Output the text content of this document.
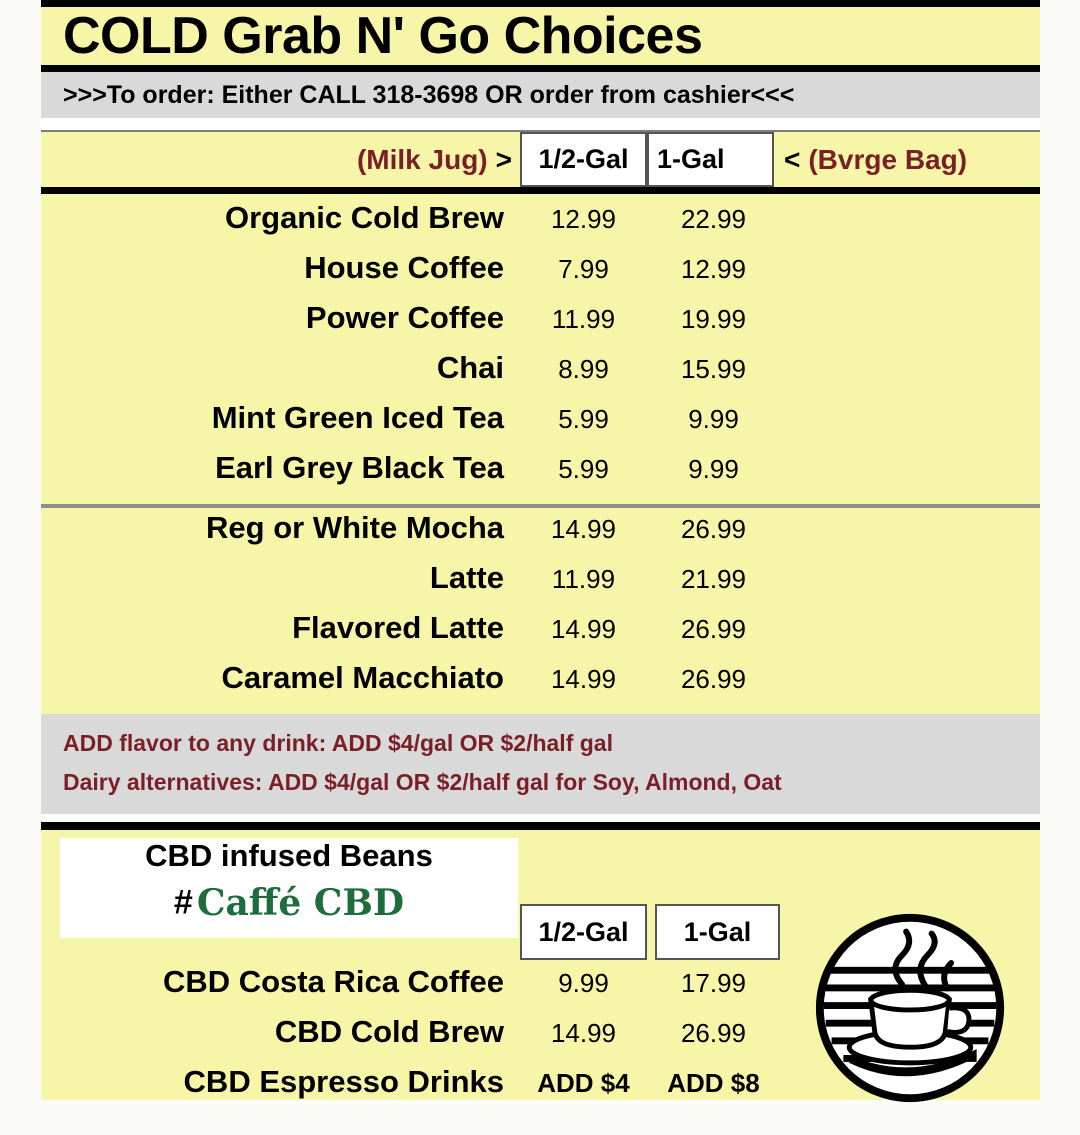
COLD Grab N' Go Choices
>>>To order: Either CALL 318-3698 OR order from cashier<<<
(Milk Jug) > 1/2-Gal	1-Gal	< (Bvrge Bag)
Organic Cold Brew	12.99	22.99
House Coffee	7.99	12.99
Power Coffee	11.99	19.99
Chai	8.99	15.99
Mint Green Iced Tea	5.99	9.99
Earl Grey Black Tea	5.99	9.99
Reg or White Mocha	14.99	26.99
Latte	11.99	21.99
Flavored Latte	14.99	26.99
Caramel Macchiato	14.99	26.99
ADD flavor to any drink: ADD $4/gal OR $2/half gal
Dairy alternatives: ADD $4/gal OR $2/half gal for Soy, Almond, Oat
CBD infused Beans
# Caffé CBD
1/2-Gal	1-Gal
CBD Costa Rica Coffee	9.99	17.99
CBD Cold Brew	14.99	26.99
CBD Espresso Drinks	ADD $4	ADD $8
